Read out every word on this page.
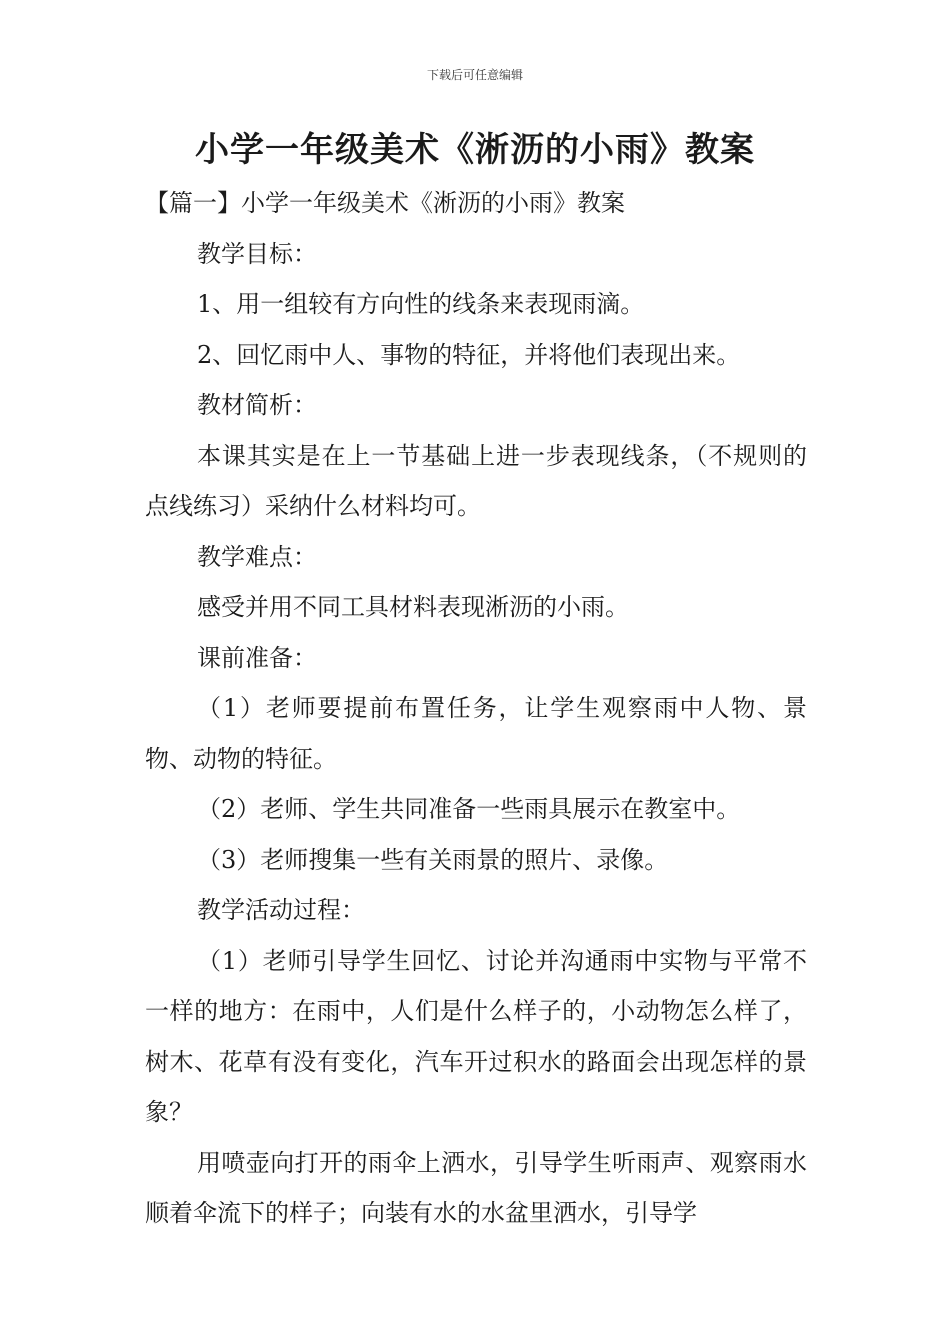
下载后可任意编辑
小学一年级美术《淅沥的小雨》教案

【篇一】小学一年级美术《淅沥的小雨》教案

教学目标：

1、用一组较有方向性的线条来表现雨滴。

2、回忆雨中人、事物的特征，并将他们表现出来。

教材简析：

本课其实是在上一节基础上进一步表现线条，（不规则的点线练习）采纳什么材料均可。

教学难点：

感受并用不同工具材料表现淅沥的小雨。

课前准备：

（1）老师要提前布置任务，让学生观察雨中人物、景物、动物的特征。

（2）老师、学生共同准备一些雨具展示在教室中。

（3）老师搜集一些有关雨景的照片、录像。

教学活动过程：

（1）老师引导学生回忆、讨论并沟通雨中实物与平常不一样的地方：在雨中，人们是什么样子的，小动物怎么样了，树木、花草有没有变化，汽车开过积水的路面会出现怎样的景象？

用喷壶向打开的雨伞上洒水，引导学生听雨声、观察雨水顺着伞流下的样子；向装有水的水盆里洒水，引导学
